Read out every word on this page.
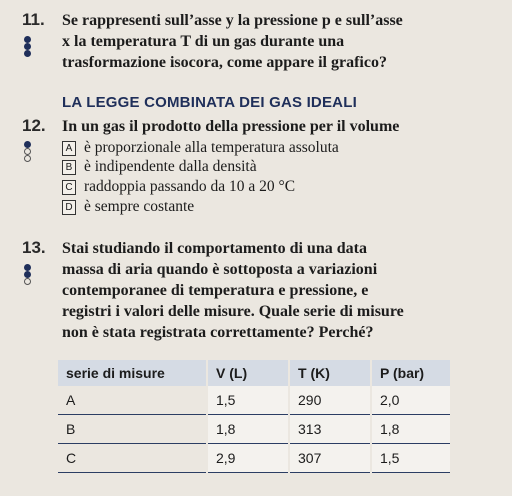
11.
Se rappresenti sull’asse y la pressione p e sull’asse
x la temperatura T di un gas durante una
trasformazione isocora, come appare il grafico?
LA LEGGE COMBINATA DEI GAS IDEALI
12.
In un gas il prodotto della pressione per il volume
A è proporzionale alla temperatura assoluta
B è indipendente dalla densità
C raddoppia passando da 10 a 20 °C
D è sempre costante
13.
Stai studiando il comportamento di una data
massa di aria quando è sottoposta a variazioni
contemporanee di temperatura e pressione, e
registri i valori delle misure. Quale serie di misure
non è stata registrata correttamente? Perché?
serie di misure	V (L)	T (K)	P (bar)
A	1,5	290	2,0
B	1,8	313	1,8
C	2,9	307	1,5
